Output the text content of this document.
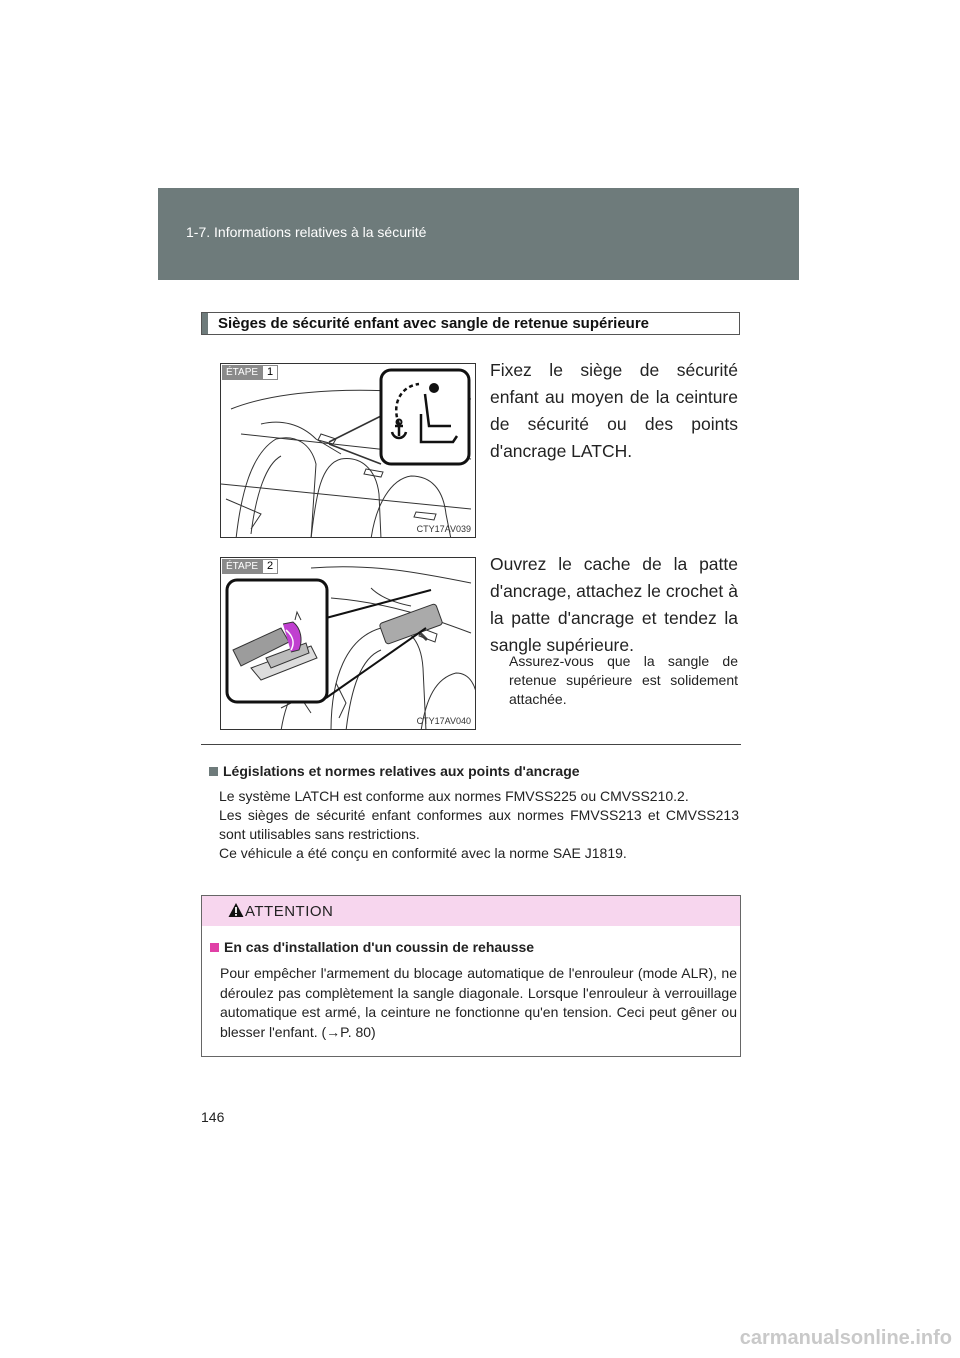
1-7. Informations relatives à la sécurité
Sièges de sécurité enfant avec sangle de retenue supérieure
ÉTAPE 1
CTY17AV039
Fixez le siège de sécurité enfant au moyen de la ceinture de sécurité ou des points d'ancrage LATCH.
ÉTAPE 2
CTY17AV040
Ouvrez le cache de la patte d'ancrage, attachez le crochet à la patte d'ancrage et tendez la sangle supérieure.
Assurez-vous que la sangle de retenue supérieure est solidement attachée.
Législations et normes relatives aux points d'ancrage

Le système LATCH est conforme aux normes FMVSS225 ou CMVSS210.2.

Les sièges de sécurité enfant conformes aux normes FMVSS213 et CMVSS213 sont utilisables sans restrictions.

Ce véhicule a été conçu en conformité avec la norme SAE J1819.

ATTENTION
En cas d'installation d'un coussin de rehausse
Pour empêcher l'armement du blocage automatique de l'enrouleur (mode ALR), ne déroulez pas complètement la sangle diagonale. Lorsque l'enrouleur à verrouillage automatique est armé, la ceinture ne fonctionne qu'en tension. Ceci peut gêner ou blesser l'enfant. (→P. 80)
146
carmanualsonline.info
